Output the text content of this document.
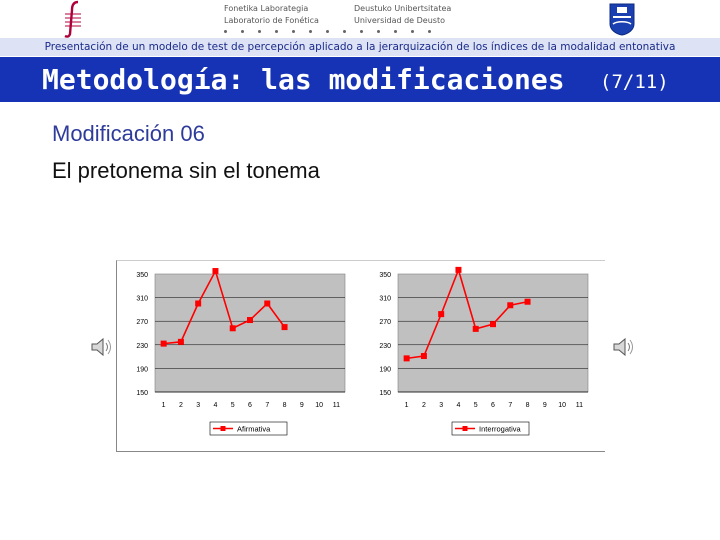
Fonetika Laborategia
Laboratorio de Fonética
Deustuko Unibertsitatea
Universidad de Deusto	Deusto
Presentación de un modelo de test de percepción aplicado a la jerarquización de los índices de la modalidad entonativa
Metodología: las modificaciones (7/11)
Modificación 06
El pretonema sin el tonema
150
190
230
270
310
350
1 2 3 4 5 6 7 8 9 10 11
Afirmativa
150
190
230
270
310
350
1 2 3 4 5 6 7 8 9 10 11
Interrogativa
